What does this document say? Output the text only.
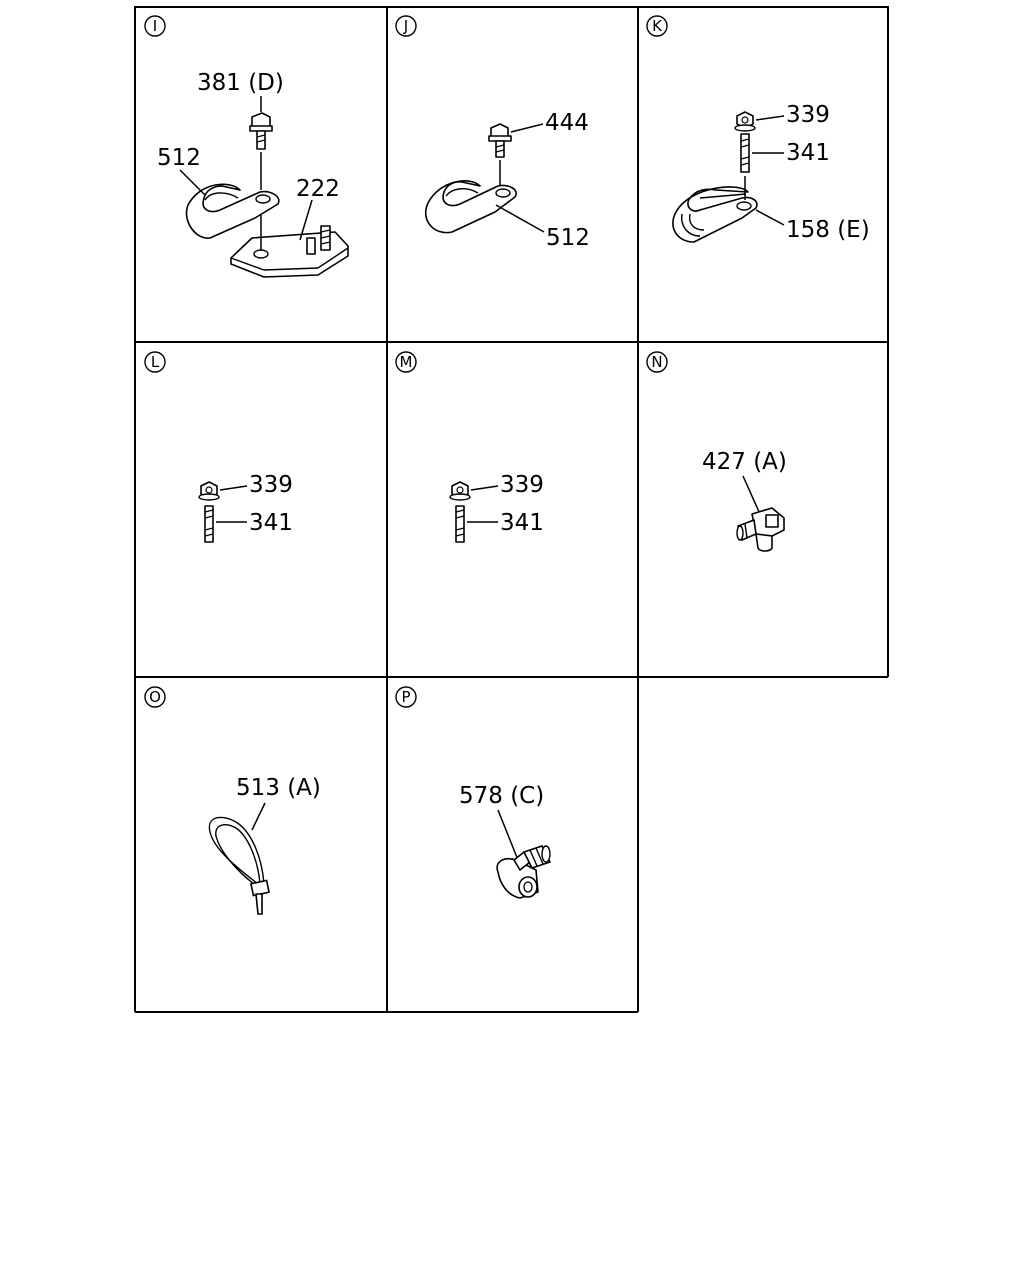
I
381 (D)
512
222
J
444
512
K
339
341
158 (E)
L
339
341
M
339
341
N
427 (A)
O
513 (A)
P
578 (C)
